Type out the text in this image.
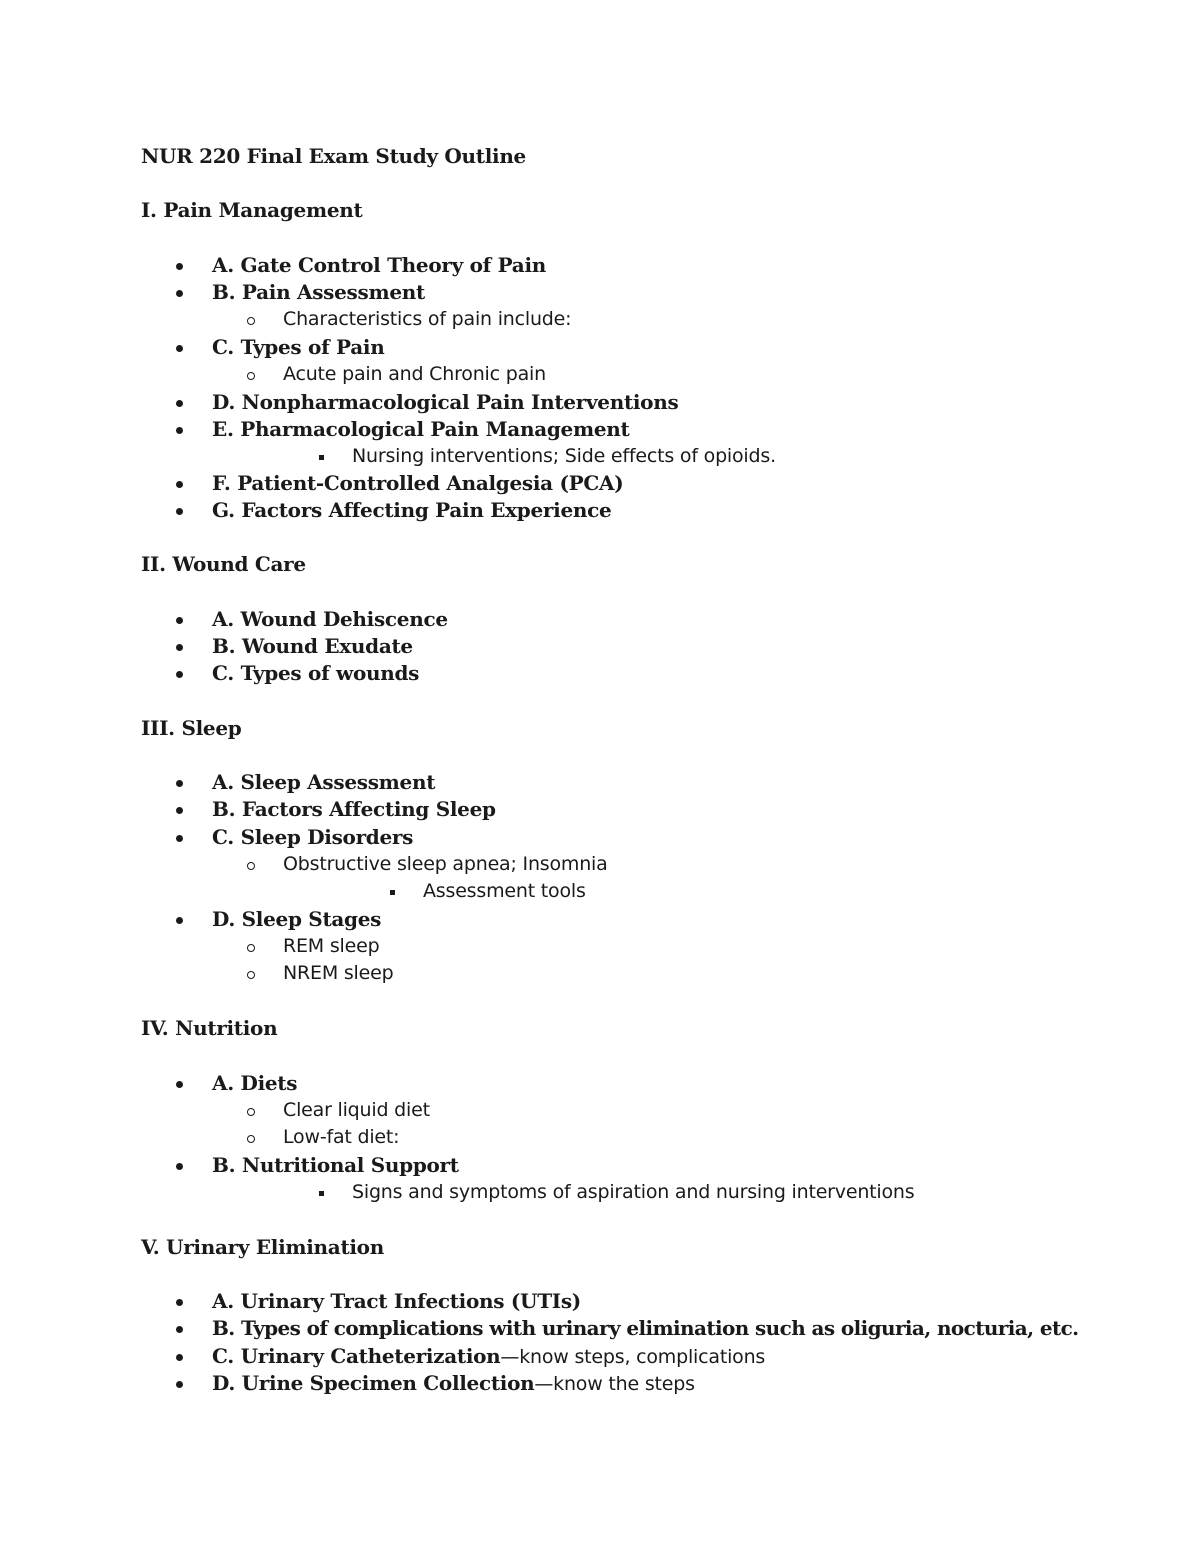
NUR 220 Final Exam Study Outline
I. Pain Management
A. Gate Control Theory of Pain
B. Pain Assessment
Characteristics of pain include:
C. Types of Pain
Acute pain and Chronic pain
D. Nonpharmacological Pain Interventions
E. Pharmacological Pain Management
Nursing interventions; Side effects of opioids.
F. Patient-Controlled Analgesia (PCA)
G. Factors Affecting Pain Experience
II. Wound Care
A. Wound Dehiscence
B. Wound Exudate
C. Types of wounds
III. Sleep
A. Sleep Assessment
B. Factors Affecting Sleep
C. Sleep Disorders
Obstructive sleep apnea; Insomnia
Assessment tools
D. Sleep Stages
REM sleep
NREM sleep
IV. Nutrition
A. Diets
Clear liquid diet
Low-fat diet:
B. Nutritional Support
Signs and symptoms of aspiration and nursing interventions
V. Urinary Elimination
A. Urinary Tract Infections (UTIs)
B. Types of complications with urinary elimination such as oliguria, nocturia, etc.
C. Urinary Catheterization—know steps, complications
D. Urine Specimen Collection—know the steps
